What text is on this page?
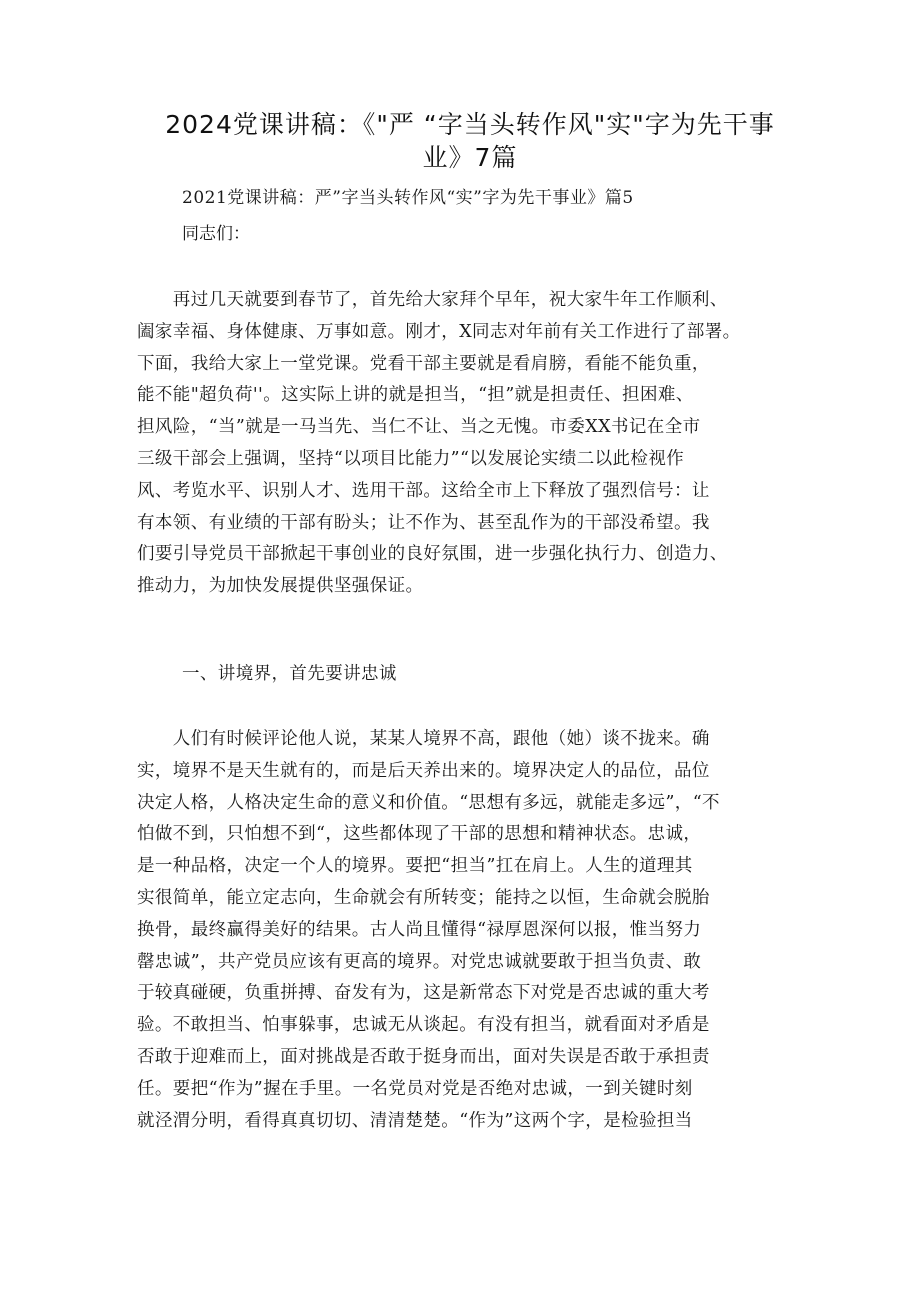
2024党课讲稿：《"严 “字当头转作风"实"字为先干事
业》7篇
2021党课讲稿：严”字当头转作风“实”字为先干事业》篇5
同志们：

　　再过几天就要到春节了，首先给大家拜个早年，祝大家牛年工作顺利、
阖家幸福、身体健康、万事如意。刚才，X同志对年前有关工作进行了部署。
下面，我给大家上一堂党课。党看干部主要就是看肩膀，看能不能负重，
能不能"超负荷''。这实际上讲的就是担当，“担”就是担责任、担困难、
担风险，“当”就是一马当先、当仁不让、当之无愧。市委XX书记在全市
三级干部会上强调，坚持“以项目比能力”“以发展论实绩二以此检视作
风、考览水平、识别人才、选用干部。这给全市上下释放了强烈信号：让
有本领、有业绩的干部有盼头；让不作为、甚至乱作为的干部没希望。我
们要引导党员干部掀起干事创业的良好氛围，进一步强化执行力、创造力、
推动力，为加快发展提供坚强保证。

一、讲境界，首先要讲忠诚

　　人们有时候评论他人说，某某人境界不高，跟他（她）谈不拢来。确
实，境界不是天生就有的，而是后天养出来的。境界决定人的品位，品位
决定人格，人格决定生命的意义和价值。“思想有多远，就能走多远”，“不
怕做不到，只怕想不到“，这些都体现了干部的思想和精神状态。忠诚，
是一种品格，决定一个人的境界。要把“担当”扛在肩上。人生的道理其
实很简单，能立定志向，生命就会有所转变；能持之以恒，生命就会脱胎
换骨，最终赢得美好的结果。古人尚且懂得“禄厚恩深何以报，惟当努力
罄忠诚”，共产党员应该有更高的境界。对党忠诚就要敢于担当负责、敢
于较真碰硬，负重拼搏、奋发有为，这是新常态下对党是否忠诚的重大考
验。不敢担当、怕事躲事，忠诚无从谈起。有没有担当，就看面对矛盾是
否敢于迎难而上，面对挑战是否敢于挺身而出，面对失误是否敢于承担责
任。要把“作为”握在手里。一名党员对党是否绝对忠诚，一到关键时刻
就泾渭分明，看得真真切切、清清楚楚。“作为”这两个字，是检验担当
